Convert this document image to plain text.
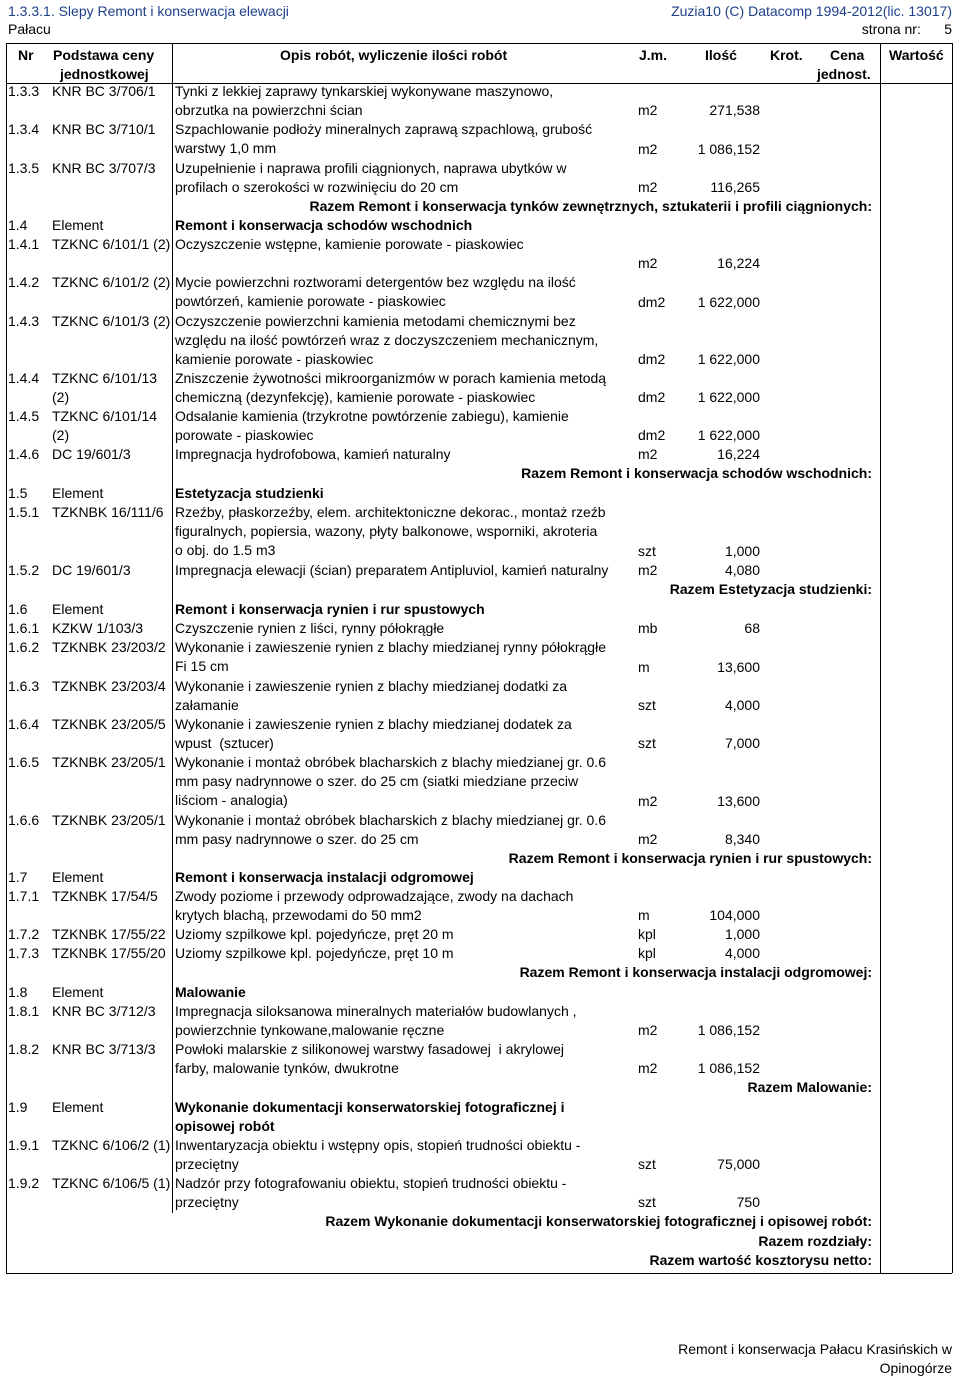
1.3.3.1. Slepy Remont i konserwacja elewacji	Zuzia10 (C) Datacomp 1994-2012(lic. 13017)
Pałacu	strona nr: 5
Nr Podstawa ceny
jednostkowej
Opis robót, wyliczenie ilości robót	J.m.	Ilość Krot. Cena
jednost.
Wartość
1.3.3 KNR BC 3/706/1	Tynki z lekkiej zaprawy tynkarskiej wykonywane maszynowo,
obrzutka na powierzchni ścian	m2	271,538
1.3.4 KNR BC 3/710/1	Szpachlowanie podłoży mineralnych zaprawą szpachlową, grubość
warstwy 1,0 mm	m2	1 086,152
1.3.5 KNR BC 3/707/3	Uzupełnienie i naprawa profili ciągnionych, naprawa ubytków w
profilach o szerokości w rozwinięciu do 20 cm	m2	116,265
Razem Remont i konserwacja tynków zewnętrznych, sztukaterii i profili ciągnionych:
1.4	Element	Remont i konserwacja schodów wschodnich
1.4.1 TZKNC 6/101/1 (2) Oczyszczenie wstępne, kamienie porowate - piaskowiec

m2	16,224
1.4.2 TZKNC 6/101/2 (2) Mycie powierzchni roztworami detergentów bez względu na ilość
powtórzeń, kamienie porowate - piaskowiec	dm2	1 622,000
1.4.3 TZKNC 6/101/3 (2) Oczyszczenie powierzchni kamienia metodami chemicznymi bez
względu na ilość powtórzeń wraz z doczyszczeniem mechanicznym,
kamienie porowate - piaskowiec	dm2	1 622,000
1.4.4 TZKNC 6/101/13 (2)
Zniszczenie żywotności mikroorganizmów w porach kamienia metodą
chemiczną (dezynfekcję), kamienie porowate - piaskowiec	dm2	1 622,000
1.4.5 TZKNC 6/101/14 (2)
Odsalanie kamienia (trzykrotne powtórzenie zabiegu), kamienie
porowate - piaskowiec	dm2	1 622,000
1.4.6 DC 19/601/3	Impregnacja hydrofobowa, kamień naturalny	m2	16,224
Razem Remont i konserwacja schodów wschodnich:
1.5	Element	Estetyzacja studzienki
1.5.1 TZKNBK 16/111/6 Rzeźby, płaskorzeźby, elem. architektoniczne dekorac., montaż rzeźb
figuralnych, popiersia, wazony, płyty balkonowe, wsporniki, akroteria
o obj. do 1.5 m3	szt	1,000
1.5.2 DC 19/601/3	Impregnacja elewacji (ścian) preparatem Antipluviol, kamień naturalny	m2	4,080
Razem Estetyzacja studzienki:
1.6	Element	Remont i konserwacja rynien i rur spustowych
1.6.1 KZKW 1/103/3	Czyszczenie rynien z liści, rynny półokrągłe	mb	68
1.6.2 TZKNBK 23/203/2 Wykonanie i zawieszenie rynien z blachy miedzianej rynny półokrągłe
Fi 15 cm	m	13,600
1.6.3 TZKNBK 23/203/4 Wykonanie i zawieszenie rynien z blachy miedzianej dodatki za
załamanie	szt	4,000
1.6.4 TZKNBK 23/205/5 Wykonanie i zawieszenie rynien z blachy miedzianej dodatek za
wpust  (sztucer)	szt	7,000
1.6.5 TZKNBK 23/205/1 Wykonanie i montaż obróbek blacharskich z blachy miedzianej gr. 0.6
mm pasy nadrynnowe o szer. do 25 cm (siatki miedziane przeciw
liściom - analogia)	m2	13,600
1.6.6 TZKNBK 23/205/1 Wykonanie i montaż obróbek blacharskich z blachy miedzianej gr. 0.6
mm pasy nadrynnowe o szer. do 25 cm	m2	8,340
Razem Remont i konserwacja rynien i rur spustowych:
1.7	Element	Remont i konserwacja instalacji odgromowej
1.7.1 TZKNBK 17/54/5	Zwody poziome i przewody odprowadzające, zwody na dachach
krytych blachą, przewodami do 50 mm2	m	104,000
1.7.2 TZKNBK 17/55/22 Uziomy szpilkowe kpl. pojedyńcze, pręt 20 m	kpl	1,000
1.7.3 TZKNBK 17/55/20 Uziomy szpilkowe kpl. pojedyńcze, pręt 10 m	kpl	4,000
Razem Remont i konserwacja instalacji odgromowej:
1.8	Element	Malowanie
1.8.1 KNR BC 3/712/3	Impregnacja siloksanowa mineralnych materiałów budowlanych ,
powierzchnie tynkowane,malowanie ręczne	m2	1 086,152
1.8.2 KNR BC 3/713/3	Powłoki malarskie z silikonowej warstwy fasadowej  i akrylowej
farby, malowanie tynków, dwukrotne	m2	1 086,152
Razem Malowanie:
1.9	Element	Wykonanie dokumentacji konserwatorskiej fotograficznej i
opisowej robót
1.9.1 TZKNC 6/106/2 (1) Inwentaryzacja obiektu i wstępny opis, stopień trudności obiektu -
przeciętny	szt	75,000
1.9.2 TZKNC 6/106/5 (1) Nadzór przy fotografowaniu obiektu, stopień trudności obiektu -
przeciętny	szt	750
Razem Wykonanie dokumentacji konserwatorskiej fotograficznej i opisowej robót:
Razem rozdziały:
Razem wartość kosztorysu netto:
Remont i konserwacja Pałacu Krasińskich w
Opinogórze
